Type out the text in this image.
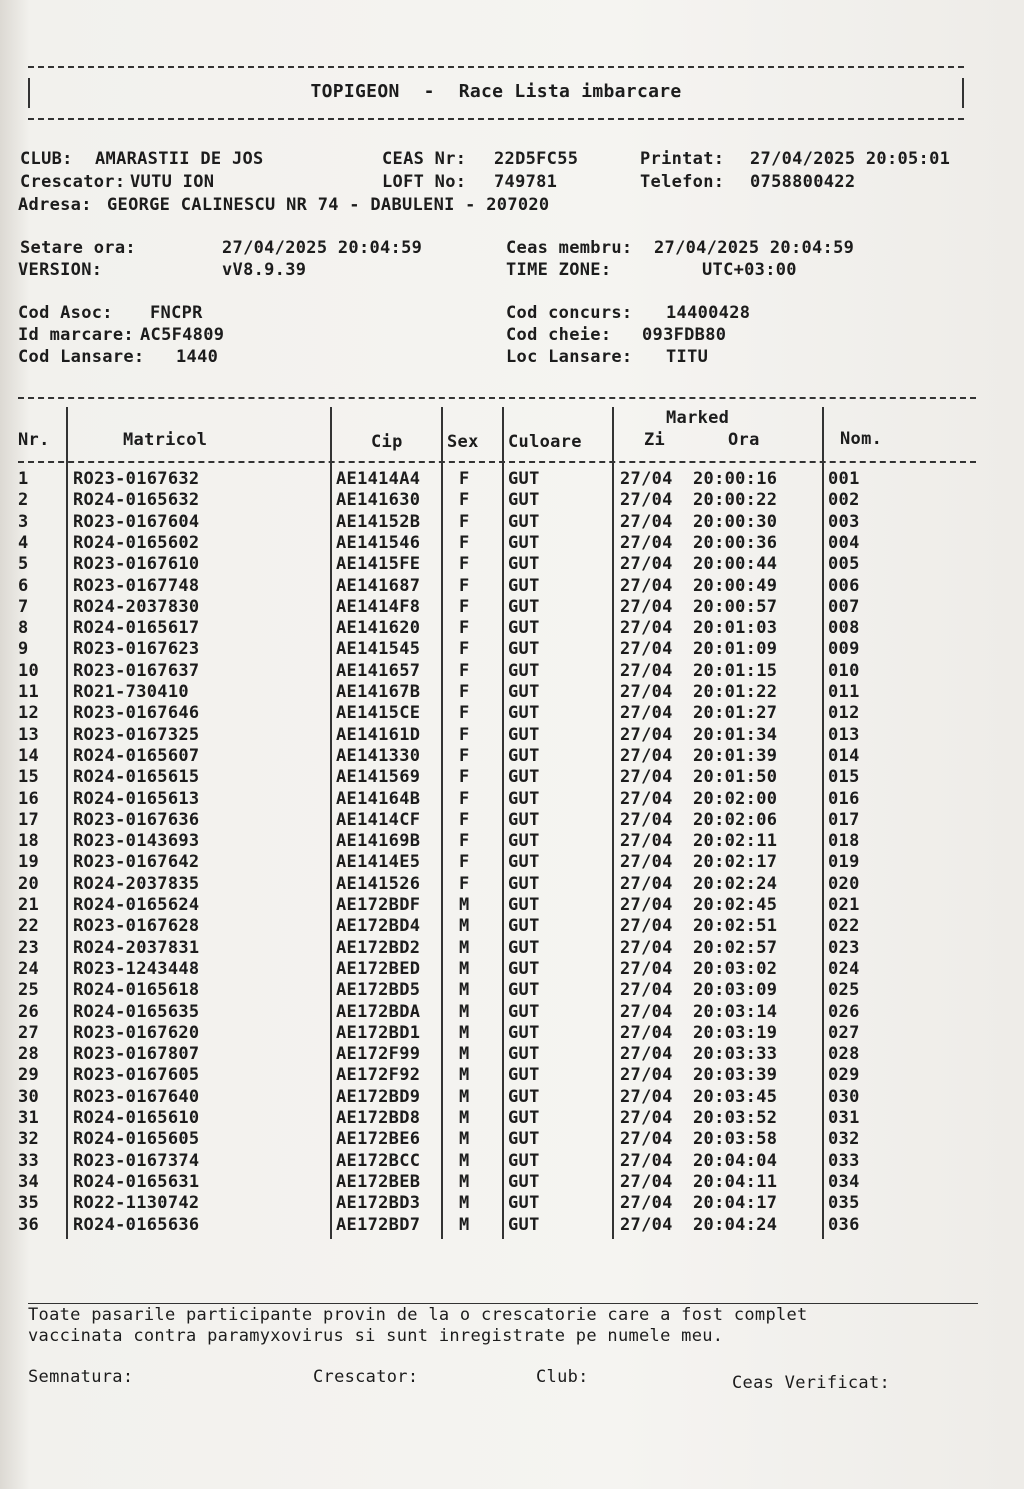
TOPIGEON - Race Lista imbarcare
CLUB: AMARASTII DE JOS	CEAS Nr: 22D5FC55	Printat: 27/04/2025 20:05:01
Crescator: VUTU ION	LOFT No: 749781	Telefon: 0758800422
Adresa: GEORGE CALINESCU NR 74 - DABULENI - 207020
Setare ora:	27/04/2025 20:04:59	Ceas membru: 27/04/2025 20:04:59
VERSION:	vV8.9.39	TIME ZONE:	UTC+03:00
Cod Asoc: FNCPR	Cod concurs: 14400428
Id marcare: AC5F4809	Cod cheie: 093FDB80
Cod Lansare: 1440	Loc Lansare: TITU
Nr.	Matricol	Cip	Sex Culoare
Marked
Zi	Ora	Nom.
1	RO23-0167632	AE1414A4 F GUT	27/04 20:00:16	001
2	RO24-0165632	AE141630 F GUT	27/04 20:00:22	002
3	RO23-0167604	AE14152B F GUT	27/04 20:00:30	003
4	RO24-0165602	AE141546 F GUT	27/04 20:00:36	004
5	RO23-0167610	AE1415FE F GUT	27/04 20:00:44	005
6	RO23-0167748	AE141687 F GUT	27/04 20:00:49	006
7	RO24-2037830	AE1414F8 F GUT	27/04 20:00:57	007
8	RO24-0165617	AE141620 F GUT	27/04 20:01:03	008
9	RO23-0167623	AE141545 F GUT	27/04 20:01:09	009
10 RO23-0167637	AE141657 F GUT	27/04 20:01:15	010
11 RO21-730410	AE14167B F GUT	27/04 20:01:22	011
12 RO23-0167646	AE1415CE F GUT	27/04 20:01:27	012
13 RO23-0167325	AE14161D F GUT	27/04 20:01:34	013
14 RO24-0165607	AE141330 F GUT	27/04 20:01:39	014
15 RO24-0165615	AE141569 F GUT	27/04 20:01:50	015
16 RO24-0165613	AE14164B F GUT	27/04 20:02:00	016
17 RO23-0167636	AE1414CF F GUT	27/04 20:02:06	017
18 RO23-0143693	AE14169B F GUT	27/04 20:02:11	018
19 RO23-0167642	AE1414E5 F GUT	27/04 20:02:17	019
20 RO24-2037835	AE141526 F GUT	27/04 20:02:24	020
21 RO24-0165624	AE172BDF M GUT	27/04 20:02:45	021
22 RO23-0167628	AE172BD4 M GUT	27/04 20:02:51	022
23 RO24-2037831	AE172BD2 M GUT	27/04 20:02:57	023
24 RO23-1243448	AE172BED M GUT	27/04 20:03:02	024
25 RO24-0165618	AE172BD5 M GUT	27/04 20:03:09	025
26 RO24-0165635	AE172BDA M GUT	27/04 20:03:14	026
27 RO23-0167620	AE172BD1 M GUT	27/04 20:03:19	027
28 RO23-0167807	AE172F99 M GUT	27/04 20:03:33	028
29 RO23-0167605	AE172F92 M GUT	27/04 20:03:39	029
30 RO23-0167640	AE172BD9 M GUT	27/04 20:03:45	030
31 RO24-0165610	AE172BD8 M GUT	27/04 20:03:52	031
32 RO24-0165605	AE172BE6 M GUT	27/04 20:03:58	032
33 RO23-0167374	AE172BCC M GUT	27/04 20:04:04	033
34 RO24-0165631	AE172BEB M GUT	27/04 20:04:11	034
35 RO22-1130742	AE172BD3 M GUT	27/04 20:04:17	035
36 RO24-0165636	AE172BD7 M GUT	27/04 20:04:24	036
Toate pasarile participante provin de la o crescatorie care a fost complet
vaccinata contra paramyxovirus si sunt inregistrate pe numele meu.
Semnatura:	Crescator:	Club:	Ceas Verificat:
